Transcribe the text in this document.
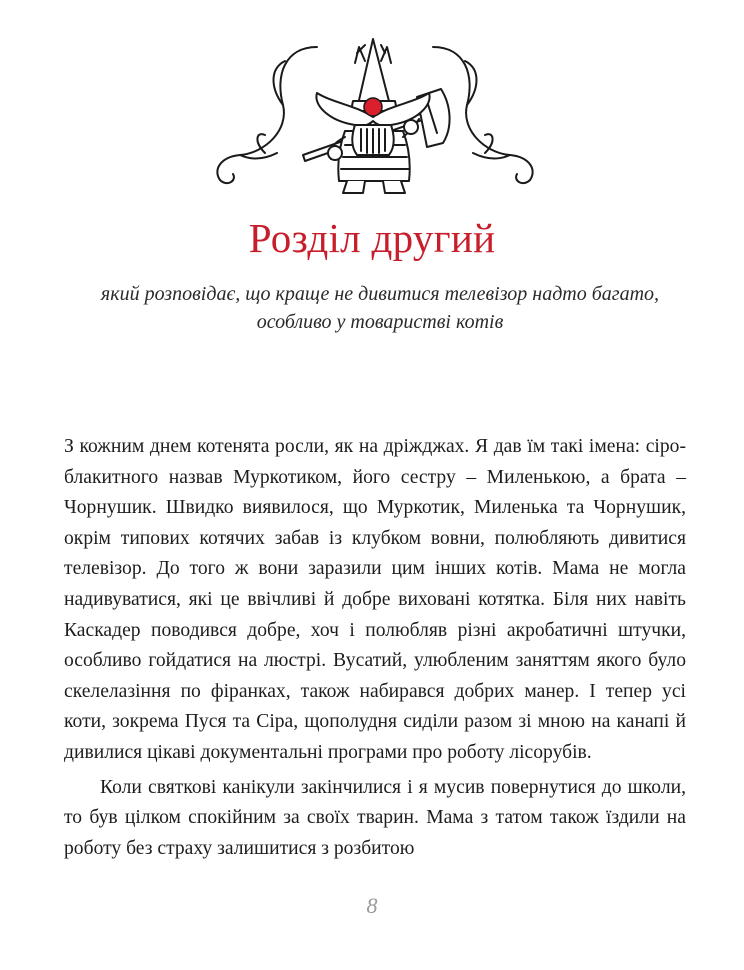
Розділ другий
який розповідає, що краще не дивитися телевізор надто багато,
особливо у товаристві котів

З кожним днем котенята росли, як на дріжджах. Я дав їм такі імена: сіро-блакитного назвав Муркотиком, його сестру – Миленькою, а брата – Чорнушик. Швидко виявилося, що Муркотик, Миленька та Чорнушик, окрім типових котячих забав із клубком вовни, полюбляють дивитися телевізор. До того ж вони заразили цим інших котів. Мама не могла надивуватися, які це ввічливі й добре виховані котятка. Біля них навіть Каскадер поводився добре, хоч і полюбляв різні акробатичні штучки, особливо гойдатися на люстрі. Вусатий, улюбленим заняттям якого було скелелазіння по фіранках, також набирався добрих манер. І тепер усі коти, зокрема Пуся та Сіра, щополудня сиділи разом зі мною на канапі й дивилися цікаві документальні програми про роботу лісорубів.

Коли святкові канікули закінчилися і я мусив повернутися до школи, то був цілком спокійним за своїх тварин. Мама з татом також їздили на роботу без страху залишитися з розбитою

8
